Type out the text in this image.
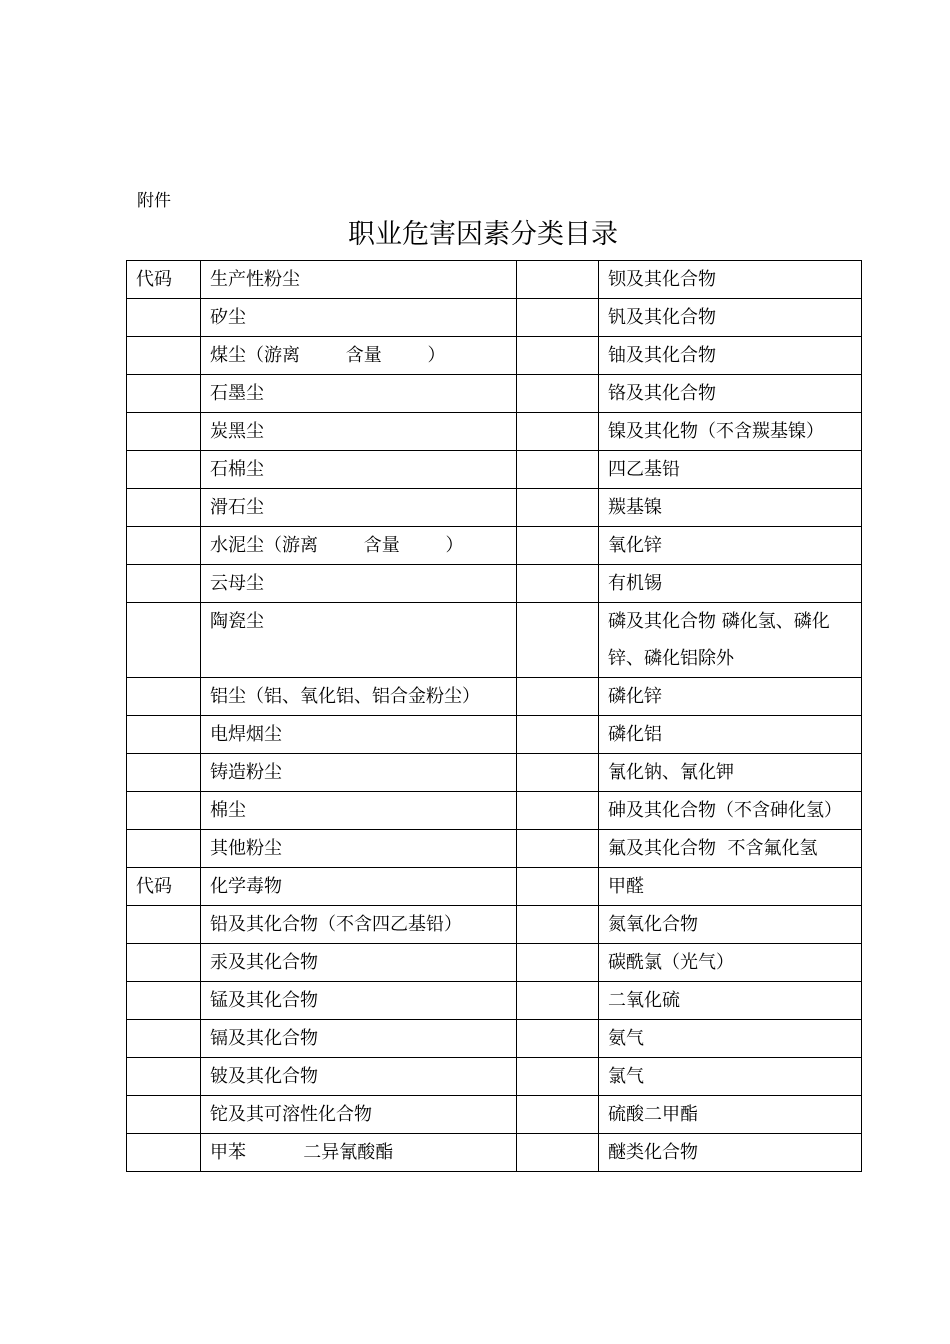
附件
职业危害因素分类目录
代码	生产性粉尘		钡及其化合物
	矽尘		钒及其化合物
	煤尘（游离        含量        ）		铀及其化合物
	石墨尘		铬及其化合物
	炭黑尘		镍及其化物（不含羰基镍）
	石棉尘		四乙基铅
	滑石尘		羰基镍
	水泥尘（游离        含量        ）		氧化锌
	云母尘		有机锡
	陶瓷尘		磷及其化合物 磷化氢、磷化锌、磷化铝除外
	铝尘（铝、氧化铝、铝合金粉尘）		磷化锌
	电焊烟尘		磷化铝
	铸造粉尘		氰化钠、氰化钾
	棉尘		砷及其化合物（不含砷化氢）
	其他粉尘		氟及其化合物  不含氟化氢
代码	化学毒物		甲醛
	铅及其化合物（不含四乙基铅）		氮氧化合物
	汞及其化合物		碳酰氯（光气）
	锰及其化合物		二氧化硫
	镉及其化合物		氨气
	铍及其化合物		氯气
	铊及其可溶性化合物		硫酸二甲酯
	甲苯          二异氰酸酯		醚类化合物
